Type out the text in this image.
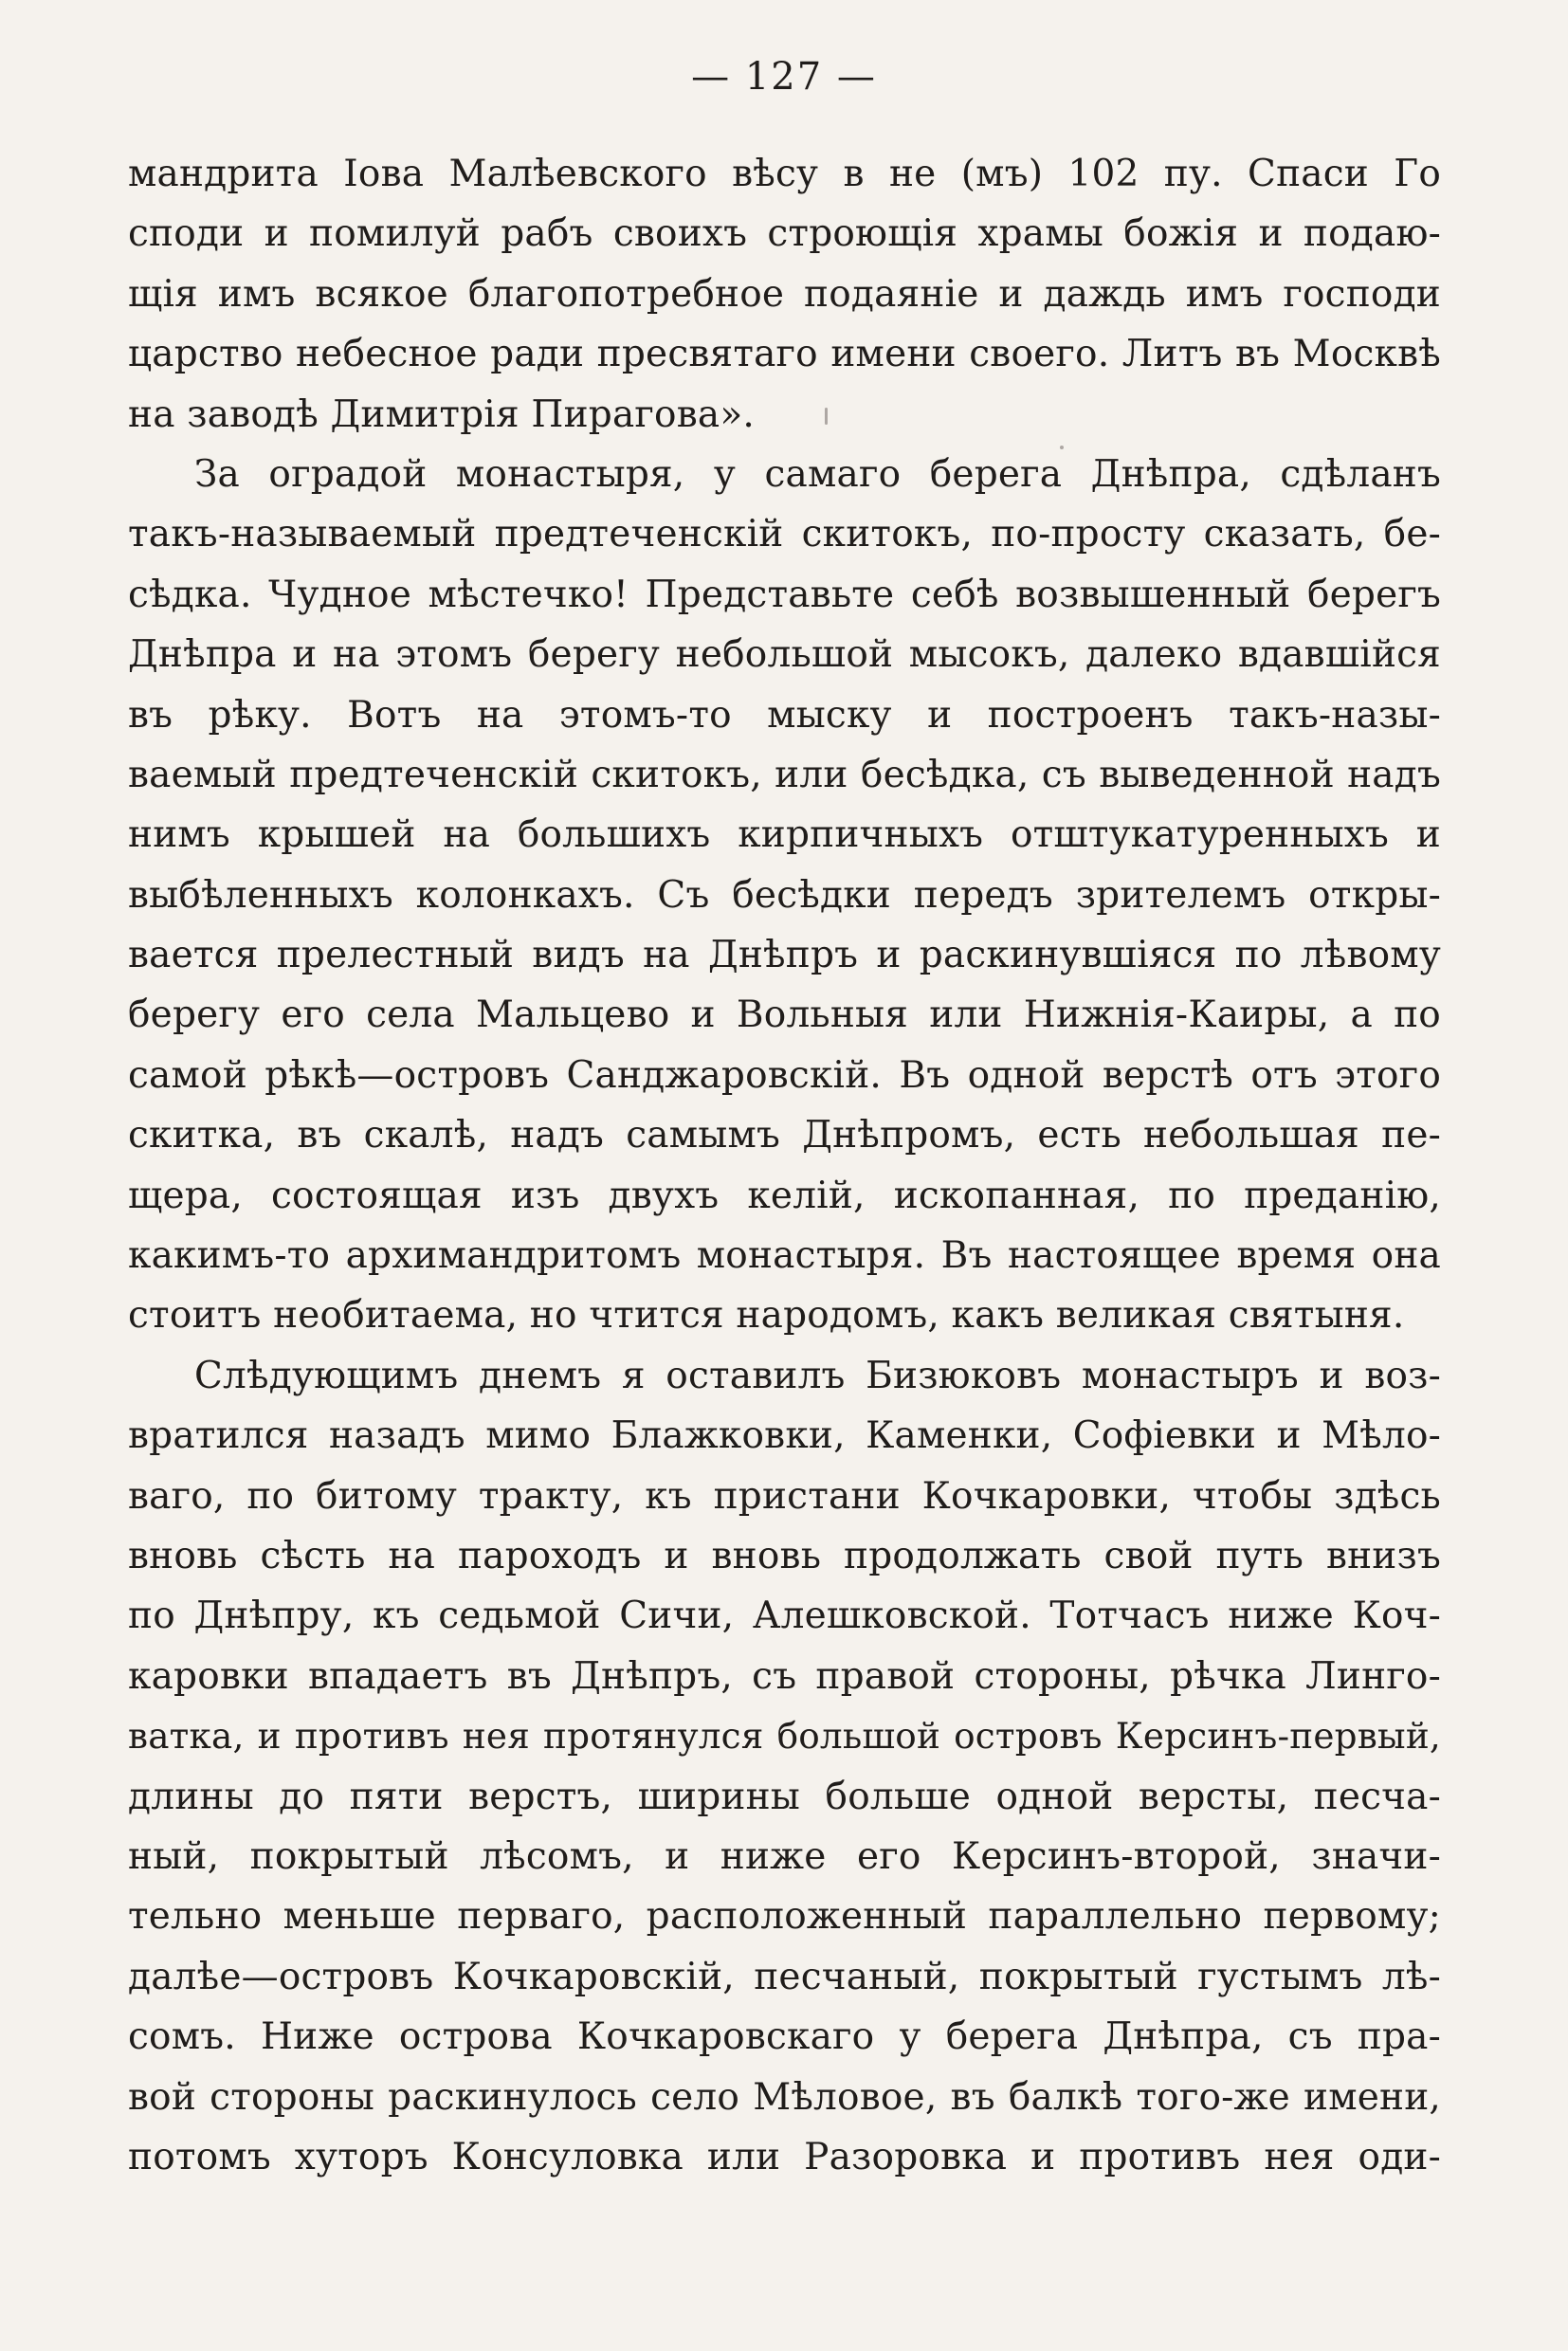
— 127 —
мандрита Іова Малѣевского вѣсу в не (мъ) 102 пу. Спаси Го
споди и помилуй рабъ своихъ строющія храмы божія и подаю-
щія имъ всякое благопотребное подаяніе и даждь имъ господи
царство небесное ради пресвятаго имени своего. Литъ въ Москвѣ
на заводѣ Димитрія Пирагова».
За оградой монастыря, у самаго берега Днѣпра, сдѣланъ
такъ-называемый предтеченскій скитокъ, по-просту сказать, бе-
сѣдка. Чудное мѣстечко! Представьте себѣ возвышенный берегъ
Днѣпра и на этомъ берегу небольшой мысокъ, далеко вдавшійся
въ рѣку. Вотъ на этомъ-то мыску и построенъ такъ-назы-
ваемый предтеченскій скитокъ, или бесѣдка, съ выведенной надъ
нимъ крышей на большихъ кирпичныхъ отштукатуренныхъ и
выбѣленныхъ колонкахъ. Съ бесѣдки передъ зрителемъ откры-
вается прелестный видъ на Днѣпръ и раскинувшіяся по лѣвому
берегу его села Мальцево и Вольныя или Нижнія-Каиры, а по
самой рѣкѣ—островъ Санджаровскій. Въ одной верстѣ отъ этого
скитка, въ скалѣ, надъ самымъ Днѣпромъ, есть небольшая пе-
щера, состоящая изъ двухъ келій, ископанная, по преданію,
какимъ-то архимандритомъ монастыря. Въ настоящее время она
стоитъ необитаема, но чтится народомъ, какъ великая святыня.
Слѣдующимъ днемъ я оставилъ Бизюковъ монастыръ и воз-
вратился назадъ мимо Блажковки, Каменки, Софіевки и Мѣло-
ваго, по битому тракту, къ пристани Кочкаровки, чтобы здѣсь
вновь сѣсть на пароходъ и вновь продолжать свой путь внизъ
по Днѣпру, къ седьмой Сичи, Алешковской. Тотчасъ ниже Коч-
каровки впадаетъ въ Днѣпръ, съ правой стороны, рѣчка Линго-
ватка, и противъ нея протянулся большой островъ Керсинъ-первый,
длины до пяти верстъ, ширины больше одной версты, песча-
ный, покрытый лѣсомъ, и ниже его Керсинъ-второй, значи-
тельно меньше перваго, расположенный параллельно первому;
далѣе—островъ Кочкаровскій, песчаный, покрытый густымъ лѣ-
сомъ. Ниже острова Кочкаровскаго у берега Днѣпра, съ пра-
вой стороны раскинулось село Мѣловое, въ балкѣ того-же имени,
потомъ хуторъ Консуловка или Разоровка и противъ нея оди-
